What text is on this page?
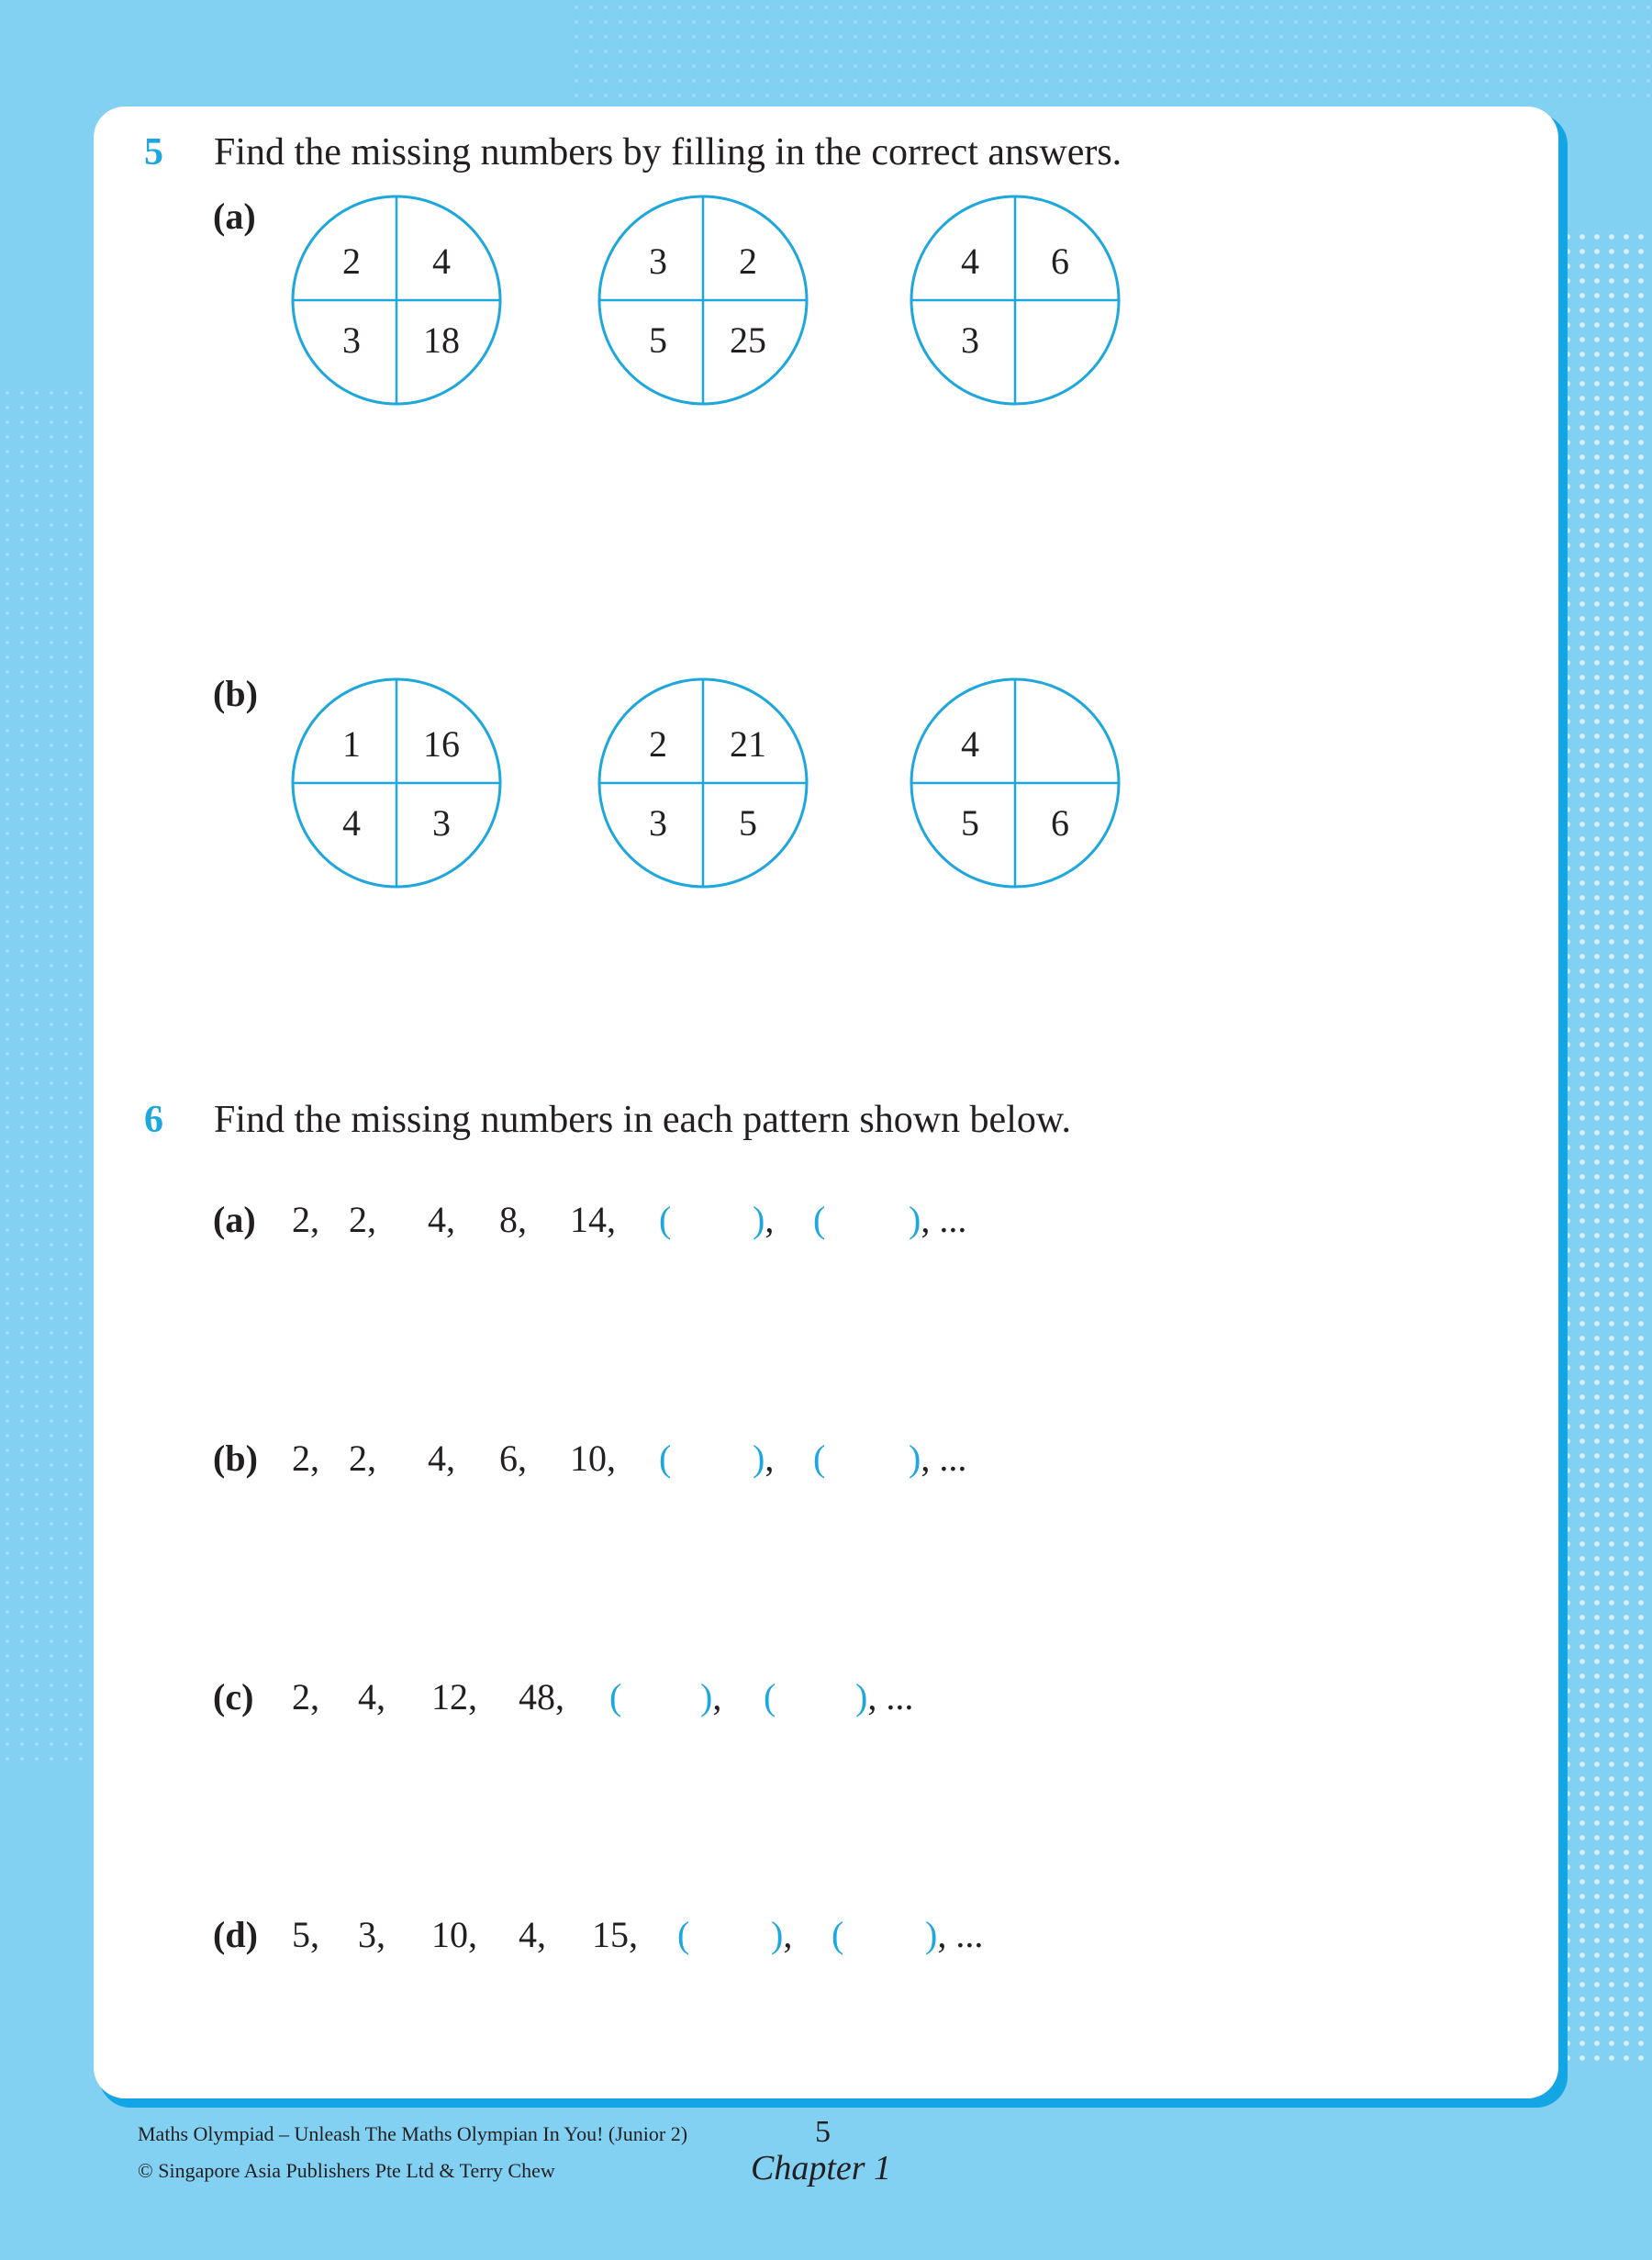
5 Find the missing numbers by filling in the correct answers.
(a)
(b)
2 4
3 18
3 2
5 25
4 6
3
1 16
4 3
2 21
3 5
4
5 6
6 Find the missing numbers in each pattern shown below.
(a) 2, 2, 4, 8, 14, ( ), ( ), ...
(b) 2, 2, 4, 6, 10, ( ), ( ), ...
(c) 2, 4, 12, 48, ( ), ( ), ...
(d) 5, 3, 10, 4, 15, ( ), ( ), ...
Maths Olympiad – Unleash The Maths Olympian In You! (Junior 2)
© Singapore Asia Publishers Pte Ltd & Terry Chew
5
Chapter 1
